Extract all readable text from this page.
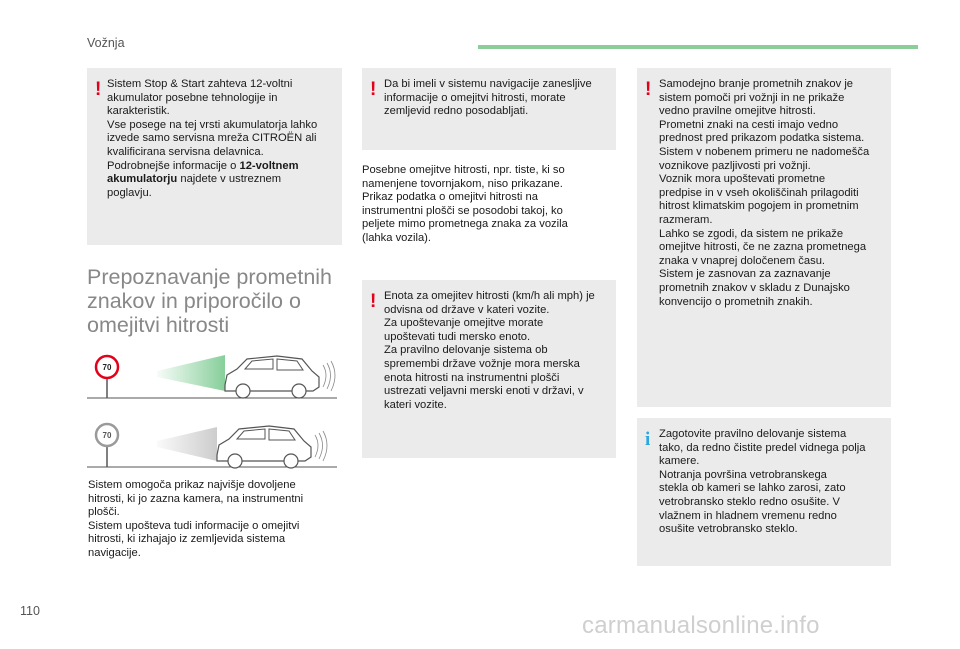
Vožnja
! Sistem Stop & Start zahteva 12-voltni

akumulator posebne tehnologije in

karakteristik.

Vse posege na tej vrsti akumulatorja lahko

izvede samo servisna mreža CITROËN ali

kvalificirana servisna delavnica.

Podrobnejše informacije o 12-voltnem

akumulatorju najdete v ustreznem

poglavju.

Prepoznavanje prometnih
znakov in priporočilo o
omejitvi hitrosti
70
70

Sistem omogoča prikaz najvišje dovoljene

hitrosti, ki jo zazna kamera, na instrumentni

plošči.

Sistem upošteva tudi informacije o omejitvi

hitrosti, ki izhajajo iz zemljevida sistema

navigacije.

! Da bi imeli v sistemu navigacije zanesljive

informacije o omejitvi hitrosti, morate

zemljevid redno posodabljati.

Posebne omejitve hitrosti, npr. tiste, ki so

namenjene tovornjakom, niso prikazane.

Prikaz podatka o omejitvi hitrosti na

instrumentni plošči se posodobi takoj, ko

peljete mimo prometnega znaka za vozila

(lahka vozila).

! Enota za omejitev hitrosti (km/h ali mph) je

odvisna od države v kateri vozite.

Za upoštevanje omejitve morate

upoštevati tudi mersko enoto.

Za pravilno delovanje sistema ob

spremembi države vožnje mora merska

enota hitrosti na instrumentni plošči

ustrezati veljavni merski enoti v državi, v

kateri vozite.

! Samodejno branje prometnih znakov je

sistem pomoči pri vožnji in ne prikaže

vedno pravilne omejitve hitrosti.

Prometni znaki na cesti imajo vedno

prednost pred prikazom podatka sistema.

Sistem v nobenem primeru ne nadomešča

voznikove pazljivosti pri vožnji.

Voznik mora upoštevati prometne

predpise in v vseh okoliščinah prilagoditi

hitrost klimatskim pogojem in prometnim

razmeram.

Lahko se zgodi, da sistem ne prikaže

omejitve hitrosti, če ne zazna prometnega

znaka v vnaprej določenem času.

Sistem je zasnovan za zaznavanje

prometnih znakov v skladu z Dunajsko

konvencijo o prometnih znakih.

i Zagotovite pravilno delovanje sistema

tako, da redno čistite predel vidnega polja

kamere.

Notranja površina vetrobranskega

stekla ob kameri se lahko zarosi, zato

vetrobransko steklo redno osušite. V

vlažnem in hladnem vremenu redno

osušite vetrobransko steklo.

110
carmanualsonline.info
